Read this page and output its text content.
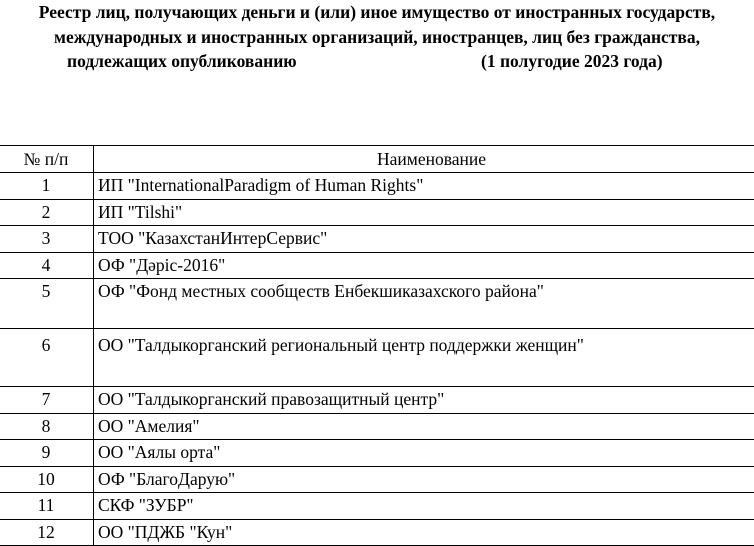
Реестр лиц, получающих деньги и (или) иное имущество от иностранных государств,
международных и иностранных организаций, иностранцев, лиц без гражданства,
подлежащих опубликованию	(1 полугодие 2023 года)
№ п/п	Наименование
1	ИП "InternationalParadigm of Human Rights"
2	ИП "Tilshi"
3	ТОО "КазахстанИнтерСервис"
4	ОФ "Дәріс-2016"
5	ОФ "Фонд местных сообществ Енбекшиказахского района"
6	ОО "Талдыкорганский региональный центр поддержки женщин"
7	ОО "Талдыкорганский правозащитный центр"
8	ОО "Амелия"
9	ОО "Аялы орта"
10	ОФ "БлагоДарую"
11	СКФ "ЗУБР"
12	ОО "ПДЖБ "Кун"
